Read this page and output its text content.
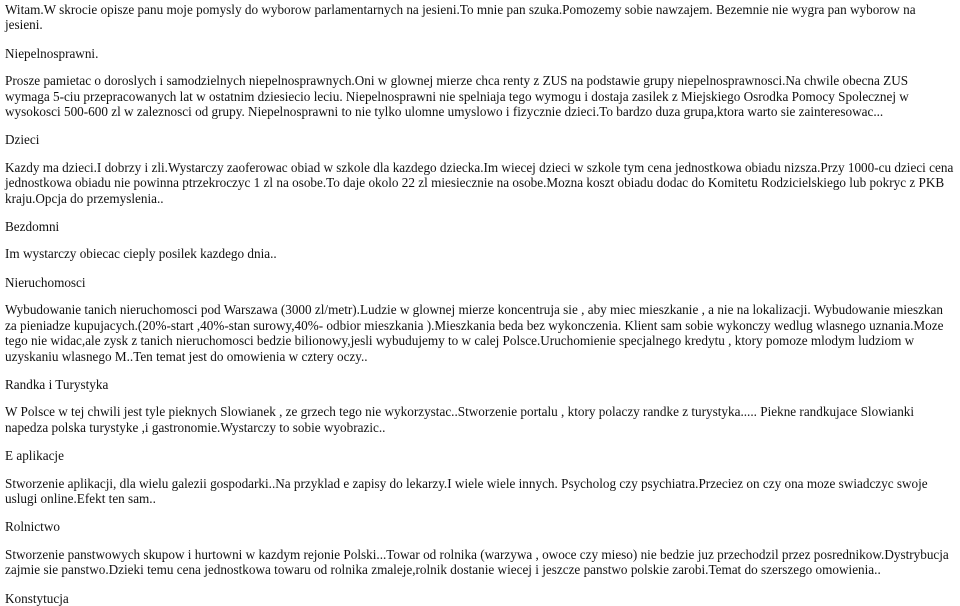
Witam.W skrocie opisze panu moje pomysly do wyborow parlamentarnych na jesieni.To mnie pan szuka.Pomozemy sobie nawzajem. Bezemnie nie wygra pan wyborow na jesieni.

Niepelnosprawni.

Prosze pamietac o doroslych i samodzielnych niepelnosprawnych.Oni w glownej mierze chca renty z ZUS na podstawie grupy niepelnosprawnosci.Na chwile obecna ZUS wymaga 5-ciu przepracowanych lat w ostatnim dziesiecio leciu. Niepelnosprawni nie spelniaja tego wymogu i dostaja zasilek z Miejskiego Osrodka Pomocy Spolecznej w wysokosci 500-600 zl w zaleznosci od grupy. Niepelnosprawni to nie tylko ulomne umyslowo i fizycznie dzieci.To bardzo duza grupa,ktora warto sie zainteresowac...

Dzieci

Kazdy ma dzieci.I dobrzy i zli.Wystarczy zaoferowac obiad w szkole dla kazdego dziecka.Im wiecej dzieci w szkole tym cena jednostkowa obiadu nizsza.Przy 1000-cu dzieci cena jednostkowa obiadu nie powinna ptrzekroczyc 1 zl na osobe.To daje okolo 22 zl miesiecznie na osobe.Mozna koszt obiadu dodac do Komitetu Rodzicielskiego lub pokryc z PKB kraju.Opcja do przemyslenia..

Bezdomni

Im wystarczy obiecac cieply posilek kazdego dnia..

Nieruchomosci

Wybudowanie tanich nieruchomosci pod Warszawa (3000 zl/metr).Ludzie w glownej mierze koncentruja sie , aby miec mieszkanie , a nie na lokalizacji. Wybudowanie mieszkan za pieniadze kupujacych.(20%-start ,40%-stan surowy,40%- odbior mieszkania ).Mieszkania beda bez wykonczenia. Klient sam sobie wykonczy wedlug wlasnego uznania.Moze tego nie widac,ale zysk z tanich nieruchomosci bedzie bilionowy,jesli wybudujemy to w calej Polsce.Uruchomienie specjalnego kredytu , ktory pomoze mlodym ludziom w uzyskaniu wlasnego M..Ten temat jest do omowienia w cztery oczy..

Randka i Turystyka

W Polsce w tej chwili jest tyle pieknych Slowianek , ze grzech tego nie wykorzystac..Stworzenie portalu , ktory polaczy randke z turystyka..... Piekne randkujace Slowianki napedza polska turystyke ,i gastronomie.Wystarczy to sobie wyobrazic..

E aplikacje

Stworzenie aplikacji, dla wielu galezii gospodarki..Na przyklad e zapisy do lekarzy.I wiele wiele innych. Psycholog czy psychiatra.Przeciez on czy ona moze swiadczyc swoje uslugi online.Efekt ten sam..

Rolnictwo

Stworzenie panstwowych skupow i hurtowni w kazdym rejonie Polski...Towar od rolnika (warzywa , owoce czy mieso) nie bedzie juz przechodzil przez posrednikow.Dystrybucja zajmie sie panstwo.Dzieki temu cena jednostkowa towaru od rolnika zmaleje,rolnik dostanie wiecej i jeszcze panstwo polskie zarobi.Temat do szerszego omowienia..

Konstytucja
